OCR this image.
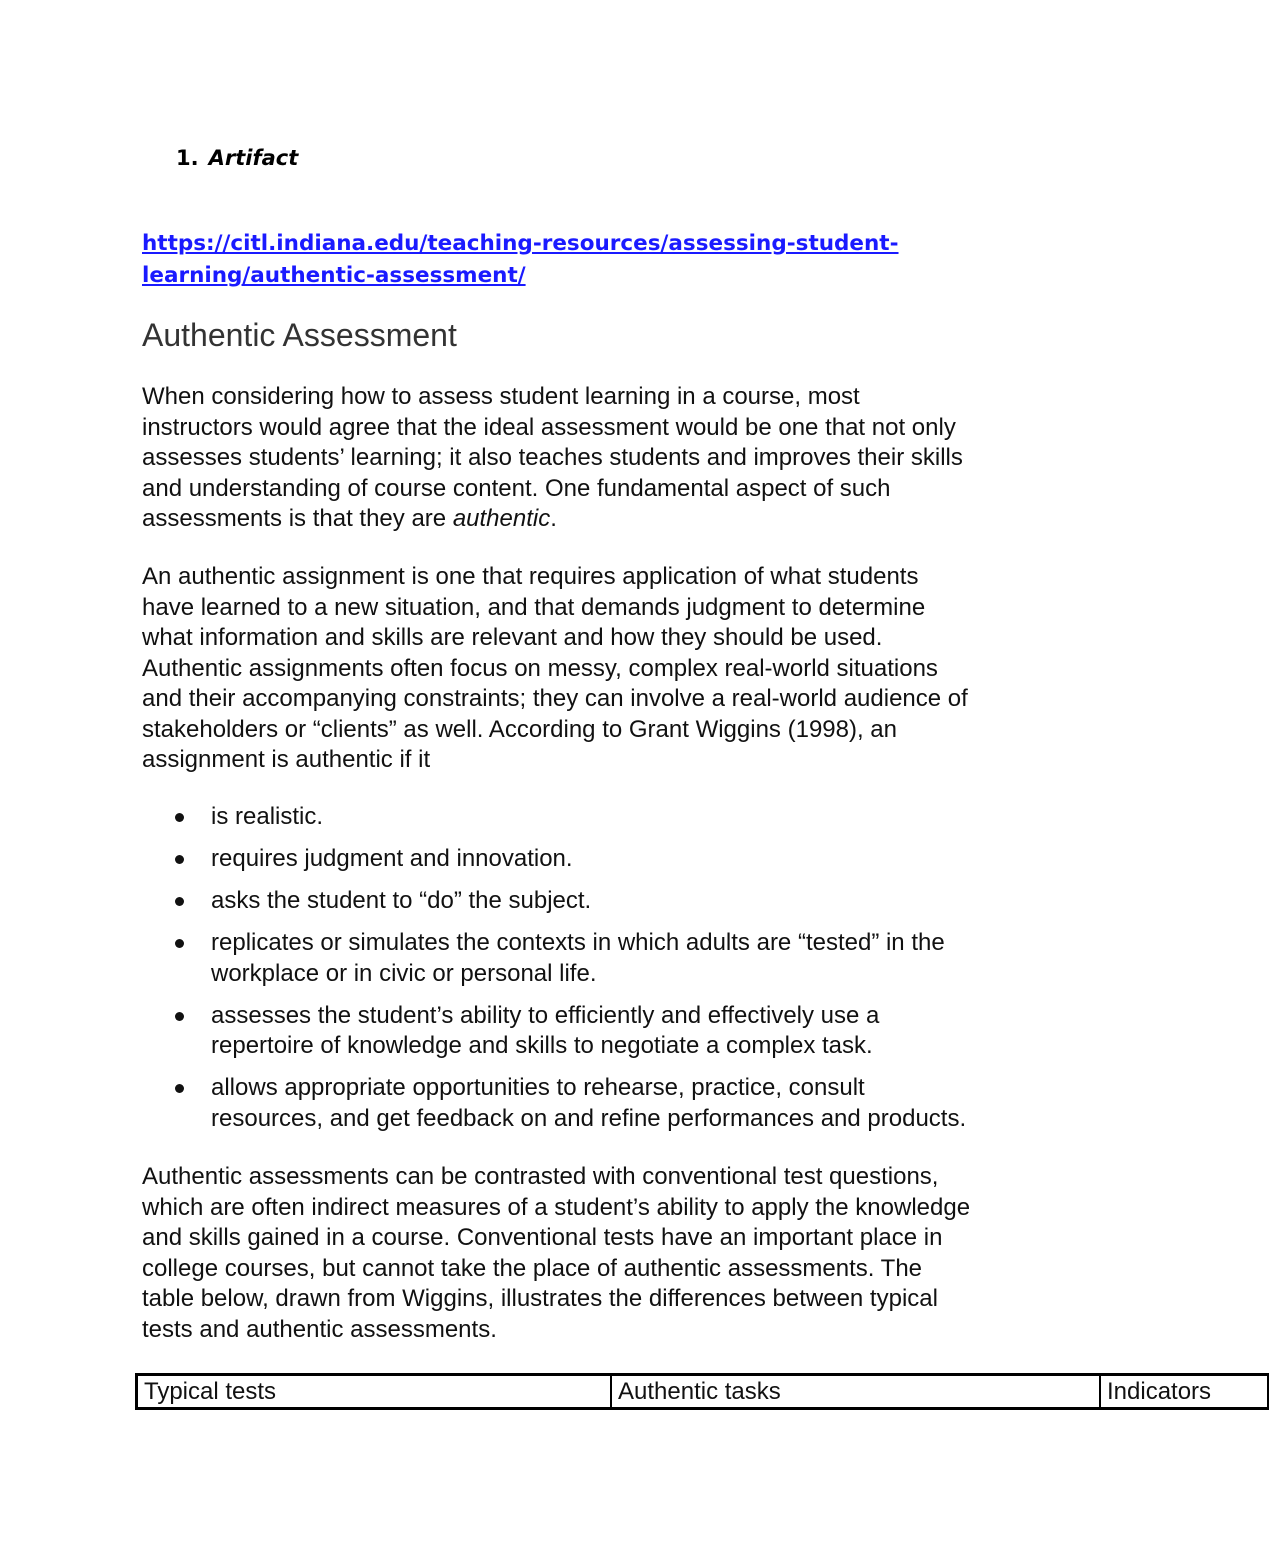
1. Artifact
https://citl.indiana.edu/teaching-resources/assessing-student-
learning/authentic-assessment/
Authentic Assessment
When considering how to assess student learning in a course, most
instructors would agree that the ideal assessment would be one that not only
assesses students’ learning; it also teaches students and improves their skills
and understanding of course content. One fundamental aspect of such
assessments is that they are authentic.
An authentic assignment is one that requires application of what students
have learned to a new situation, and that demands judgment to determine
what information and skills are relevant and how they should be used.
Authentic assignments often focus on messy, complex real-world situations
and their accompanying constraints; they can involve a real-world audience of
stakeholders or “clients” as well. According to Grant Wiggins (1998), an
assignment is authentic if it
is realistic.
requires judgment and innovation.
asks the student to “do” the subject.
replicates or simulates the contexts in which adults are “tested” in the
workplace or in civic or personal life.
assesses the student’s ability to efficiently and effectively use a
repertoire of knowledge and skills to negotiate a complex task.
allows appropriate opportunities to rehearse, practice, consult
resources, and get feedback on and refine performances and products.
Authentic assessments can be contrasted with conventional test questions,
which are often indirect measures of a student’s ability to apply the knowledge
and skills gained in a course. Conventional tests have an important place in
college courses, but cannot take the place of authentic assessments. The
table below, drawn from Wiggins, illustrates the differences between typical
tests and authentic assessments.
Typical tests	Authentic tasks	Indicators
